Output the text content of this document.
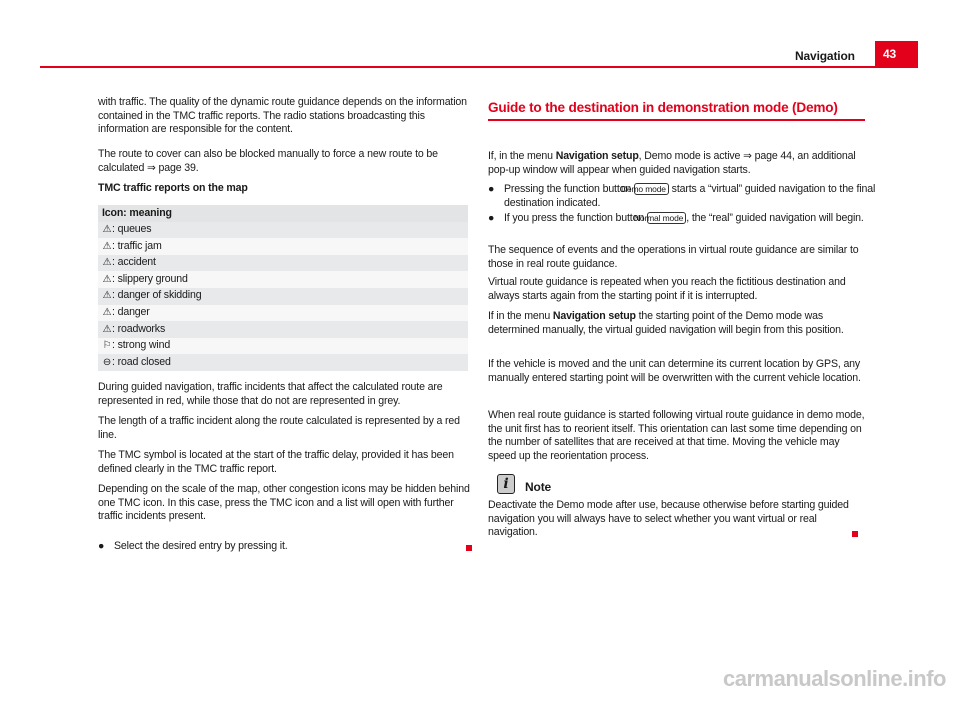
Navigation	43

with traffic. The quality of the dynamic route guidance depends on the information contained in the TMC traffic reports. The radio stations broadcasting this information are responsible for the content.

The route to cover can also be blocked manually to force a new route to be calculated ⇒ page 39.

TMC traffic reports on the map

Icon: meaning
⚠: queues
⚠: traffic jam
⚠: accident
⚠: slippery ground
⚠: danger of skidding
⚠: danger
⚠: roadworks
⚐: strong wind
⊖: road closed

During guided navigation, traffic incidents that affect the calculated route are represented in red, while those that do not are represented in grey.

The length of a traffic incident along the route calculated is represented by a red line.

The TMC symbol is located at the start of the traffic delay, provided it has been defined clearly in the TMC traffic report.

Depending on the scale of the map, other congestion icons may be hidden behind one TMC icon. In this case, press the TMC icon and a list will open with further traffic incidents present.

● Select the desired entry by pressing it.

Guide to the destination in demonstration mode (Demo)

If, in the menu Navigation setup, Demo mode is active ⇒ page 44, an additional pop-up window will appear when guided navigation starts.

● Pressing the function button Demo mode starts a “virtual” guided navigation to the final destination indicated.

● If you press the function button Normal mode , the “real” guided navigation will begin.

The sequence of events and the operations in virtual route guidance are similar to those in real route guidance.

Virtual route guidance is repeated when you reach the fictitious destination and always starts again from the starting point if it is interrupted.

If in the menu Navigation setup the starting point of the Demo mode was determined manually, the virtual guided navigation will begin from this position.

If the vehicle is moved and the unit can determine its current location by GPS, any manually entered starting point will be overwritten with the current vehicle location.

When real route guidance is started following virtual route guidance in demo mode, the unit first has to reorient itself. This orientation can last some time depending on the number of satellites that are received at that time. Moving the vehicle may speed up the reorientation process.

i	Note

Deactivate the Demo mode after use, because otherwise before starting guided navigation you will always have to select whether you want virtual or real navigation.

carmanualsonline.info
